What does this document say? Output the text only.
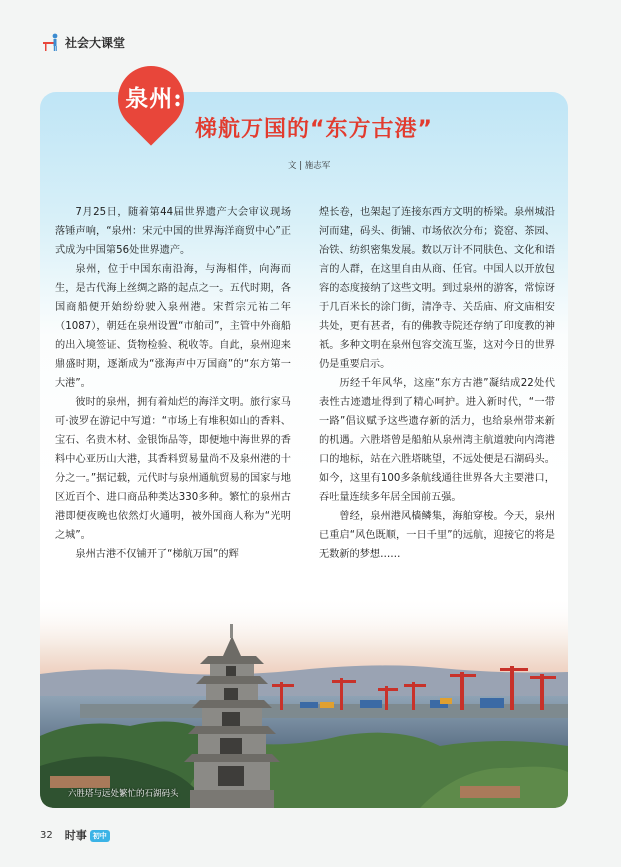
社会大课堂
泉州:
梯航万国的“东方古港”
文 | 施志军

7月25日，随着第44届世界遗产大会审议现场落锤声响，“泉州：宋元中国的世界海洋商贸中心”正式成为中国第56处世界遗产。

泉州，位于中国东南沿海，与海相伴，向海而生，是古代海上丝绸之路的起点之一。五代时期，各国商船便开始纷纷驶入泉州港。宋哲宗元祐二年（1087），朝廷在泉州设置“市舶司”，主管中外商船的出入境签证、货物检验、税收等。自此，泉州迎来鼎盛时期，逐渐成为“涨海声中万国商”的“东方第一大港”。

彼时的泉州，拥有着灿烂的海洋文明。旅行家马可·波罗在游记中写道：“市场上有堆积如山的香料、宝石、名贵木材、金银饰品等，即便地中海世界的香料中心亚历山大港，其香料贸易量尚不及泉州港的十分之一。”据记载，元代时与泉州通航贸易的国家与地区近百个、进口商品种类达330多种。繁忙的泉州古港即便夜晚也依然灯火通明，被外国商人称为“光明之城”。

泉州古港不仅铺开了“梯航万国”的辉

煌长卷，也架起了连接东西方文明的桥梁。泉州城沿河而建，码头、街铺、市场依次分布；瓷窑、茶园、冶铁、纺织密集发展。数以万计不同肤色、文化和语言的人群，在这里自由从商、任官。中国人以开放包容的态度接纳了这些文明。到过泉州的游客，常惊讶于几百米长的涂门街，清净寺、关岳庙、府文庙相安共处，更有甚者，有的佛教寺院还存纳了印度教的神祇。多种文明在泉州包容交流互鉴，这对今日的世界仍是重要启示。

历经千年风华，这座“东方古港”凝结成22处代表性古迹遗址得到了精心呵护。进入新时代，“一带一路”倡议赋予这些遗存新的活力，也给泉州带来新的机遇。六胜塔曾是船舶从泉州湾主航道驶向内湾港口的地标，站在六胜塔眺望，不远处便是石湖码头。如今，这里有100多条航线通往世界各大主要港口，吞吐量连续多年居全国前五强。

曾经，泉州港风樯鳞集，海舶穿梭。今天，泉州已重启“风色既顺，一日千里”的远航，迎接它的将是无数新的梦想……

六胜塔与远处繁忙的石湖码头
32 时事 初中
